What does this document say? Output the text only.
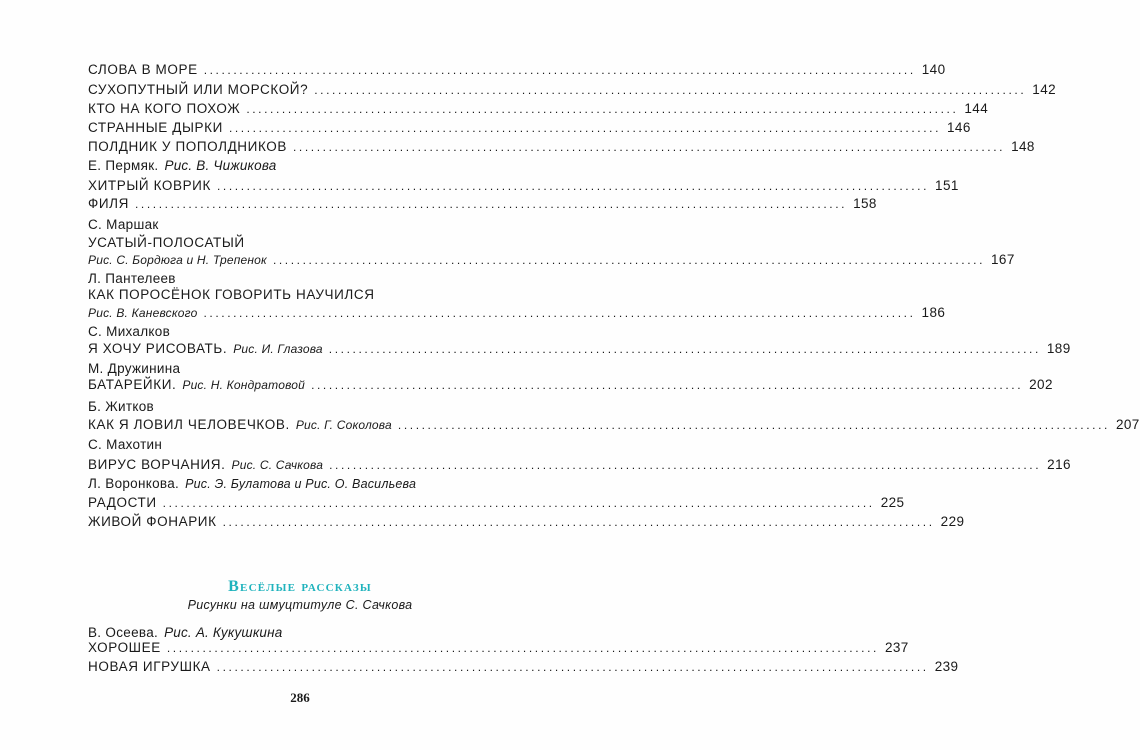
СЛОВА В МОРЕ ........................................................................................................................ 140
СУХОПУТНЫЙ ИЛИ МОРСКОЙ? ........................................................................................................................ 142
КТО НА КОГО ПОХОЖ ........................................................................................................................ 144
СТРАННЫЕ ДЫРКИ ........................................................................................................................ 146
ПОЛДНИК У ПОПОЛДНИКОВ ........................................................................................................................ 148
Е. Пермяк. Рис. В. Чижикова
ХИТРЫЙ КОВРИК ........................................................................................................................ 151
ФИЛЯ ........................................................................................................................ 158
С. Маршак
УСАТЫЙ-ПОЛОСАТЫЙ
Рис. С. Бордюга и Н. Трепенок ........................................................................................................................ 167
Л. Пантелеев
КАК ПОРОСЁНОК ГОВОРИТЬ НАУЧИЛСЯ
Рис. В. Каневского ........................................................................................................................ 186
С. Михалков
Я ХОЧУ РИСОВАТЬ. Рис. И. Глазова ........................................................................................................................ 189
М. Дружинина
БАТАРЕЙКИ. Рис. Н. Кондратовой ........................................................................................................................ 202
Б. Житков
КАК Я ЛОВИЛ ЧЕЛОВЕЧКОВ. Рис. Г. Соколова ........................................................................................................................ 207
С. Махотин
ВИРУС ВОРЧАНИЯ. Рис. С. Сачкова ........................................................................................................................ 216
Л. Воронкова. Рис. Э. Булатова и Рис. О. Васильева
РАДОСТИ ........................................................................................................................ 225
ЖИВОЙ ФОНАРИК ........................................................................................................................ 229
Весёлые рассказы
Рисунки на шмуцтитуле С. Сачкова
В. Осеева. Рис. А. Кукушкина
ХОРОШЕЕ ........................................................................................................................ 237
НОВАЯ ИГРУШКА ........................................................................................................................ 239
286
